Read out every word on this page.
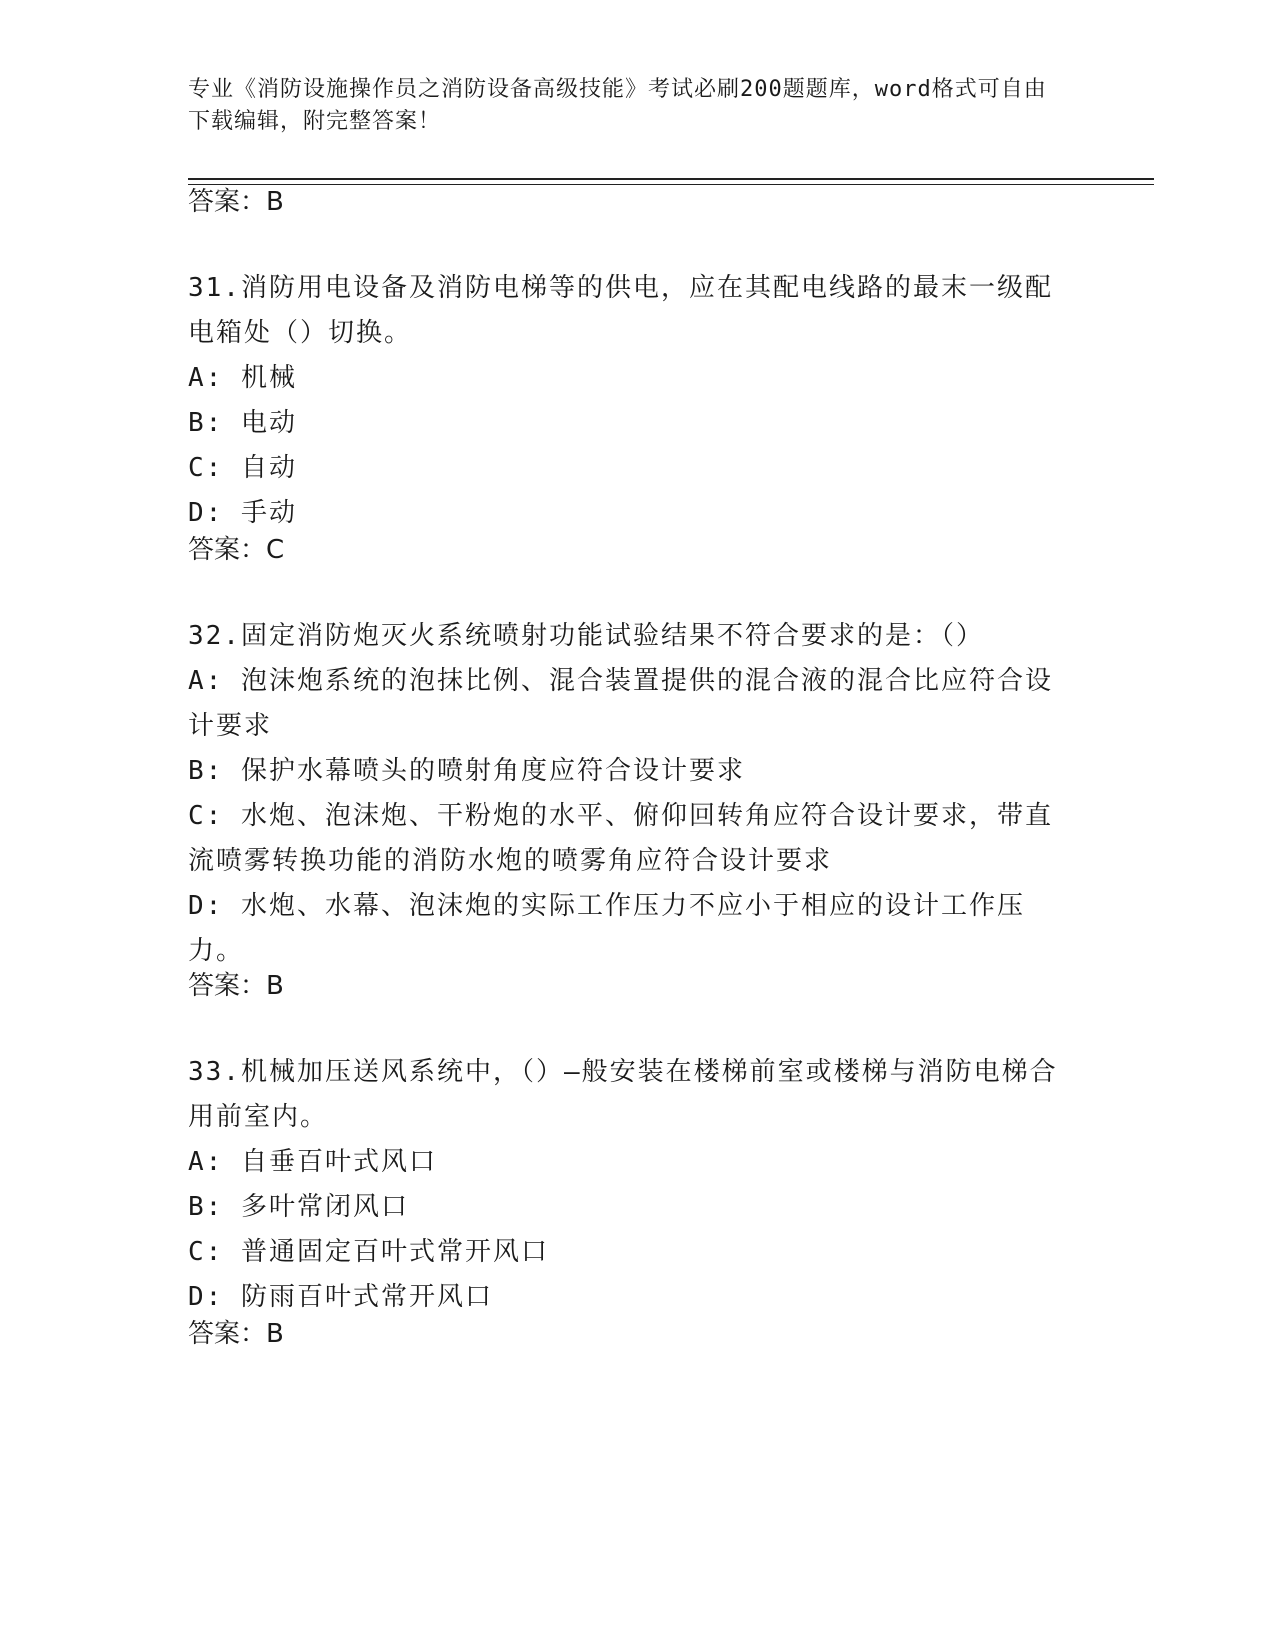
专业《消防设施操作员之消防设备高级技能》考试必刷200题题库，word格式可自由下载编辑，附完整答案！
答案：B

31.消防用电设备及消防电梯等的供电，应在其配电线路的最末一级配电箱处（）切换。

A: 机械

B: 电动

C: 自动

D: 手动

答案：C

32.固定消防炮灭火系统喷射功能试验结果不符合要求的是：（）

A: 泡沫炮系统的泡抹比例、混合装置提供的混合液的混合比应符合设计要求

B: 保护水幕喷头的喷射角度应符合设计要求

C: 水炮、泡沫炮、干粉炮的水平、俯仰回转角应符合设计要求，带直流喷雾转换功能的消防水炮的喷雾角应符合设计要求

D: 水炮、水幕、泡沫炮的实际工作压力不应小于相应的设计工作压力。

答案：B

33.机械加压送风系统中，（）—般安装在楼梯前室或楼梯与消防电梯合用前室内。

A: 自垂百叶式风口

B: 多叶常闭风口

C: 普通固定百叶式常开风口

D: 防雨百叶式常开风口

答案：B
